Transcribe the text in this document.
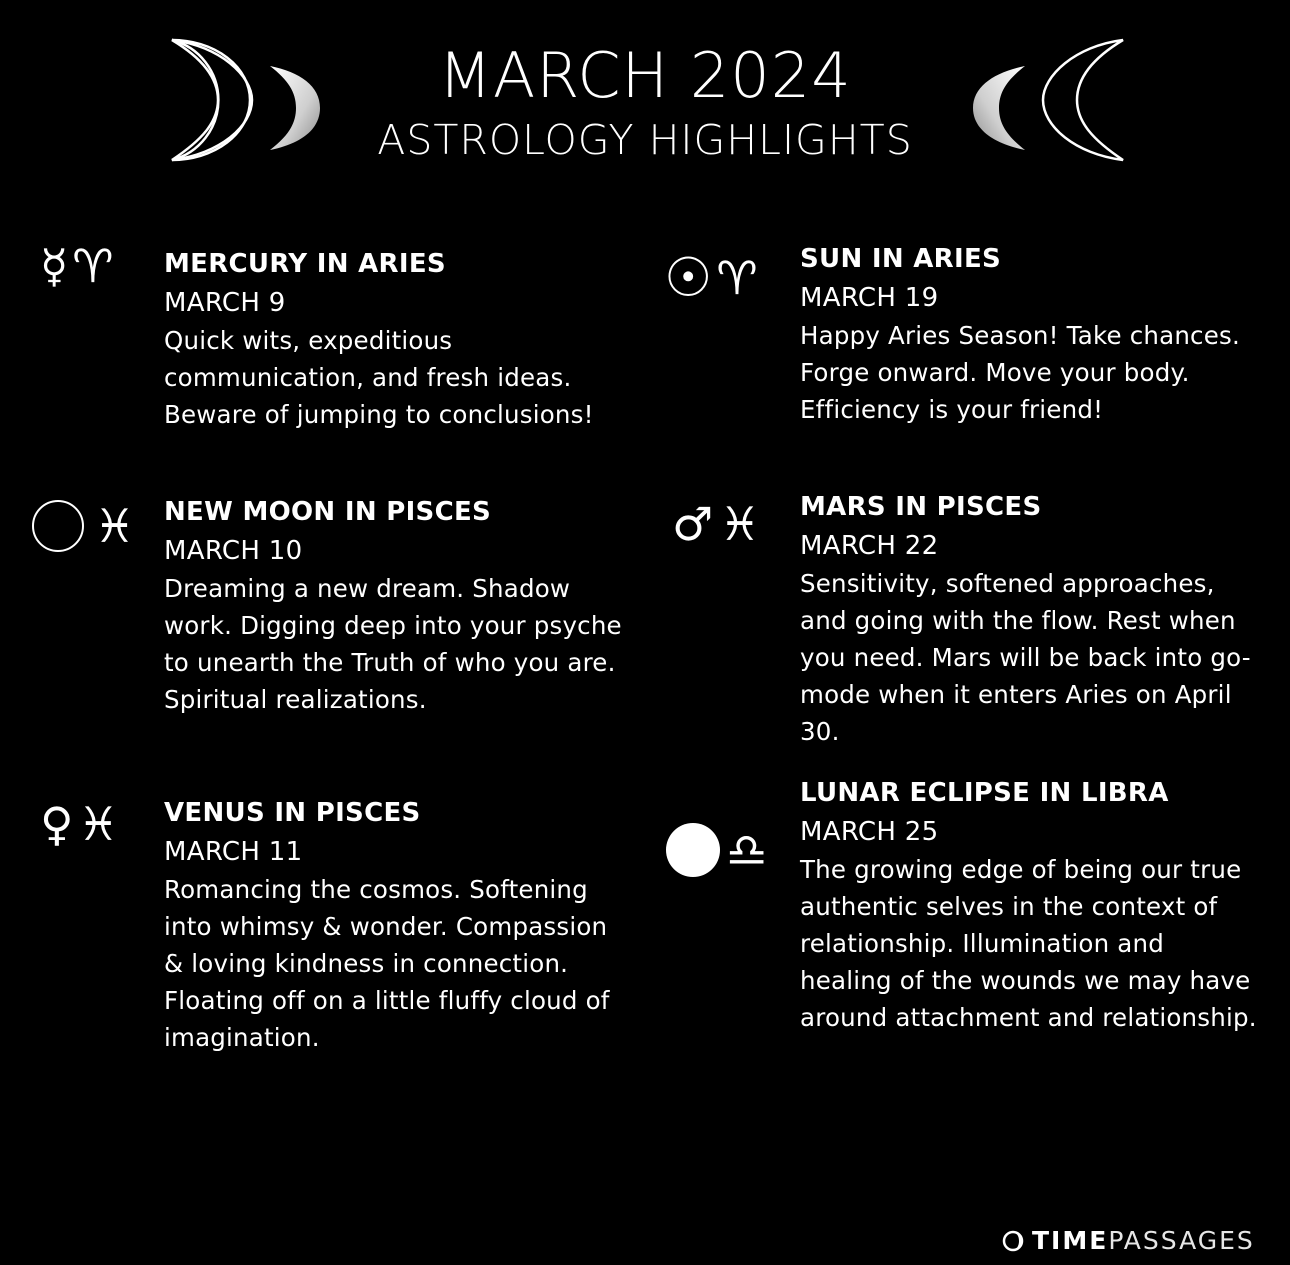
MARCH 2024
ASTROLOGY HIGHLIGHTS
☿ ♈︎ MERCURY IN ARIES
MARCH 9
Quick wits, expeditious communication, and fresh ideas. Beware of jumping to conclusions!
♓︎ NEW MOON IN PISCES
MARCH 10
Dreaming a new dream. Shadow work. Digging deep into your psyche to unearth the Truth of who you are. Spiritual realizations.
♀ ♓︎ VENUS IN PISCES
MARCH 11
Romancing the cosmos. Softening into whimsy & wonder. Compassion & loving kindness in connection. Floating off on a little fluffy cloud of imagination.
☉ ♈︎ SUN IN ARIES
MARCH 19
Happy Aries Season! Take chances. Forge onward. Move your body. Efficiency is your friend!
♂ ♓︎ MARS IN PISCES
MARCH 22
Sensitivity, softened approaches, and going with the flow. Rest when you need. Mars will be back into go-mode when it enters Aries on April 30.
♎︎
LUNAR ECLIPSE IN LIBRA
MARCH 25
The growing edge of being our true authentic selves in the context of relationship. Illumination and healing of the wounds we may have around attachment and relationship.
TIME PASSAGES
